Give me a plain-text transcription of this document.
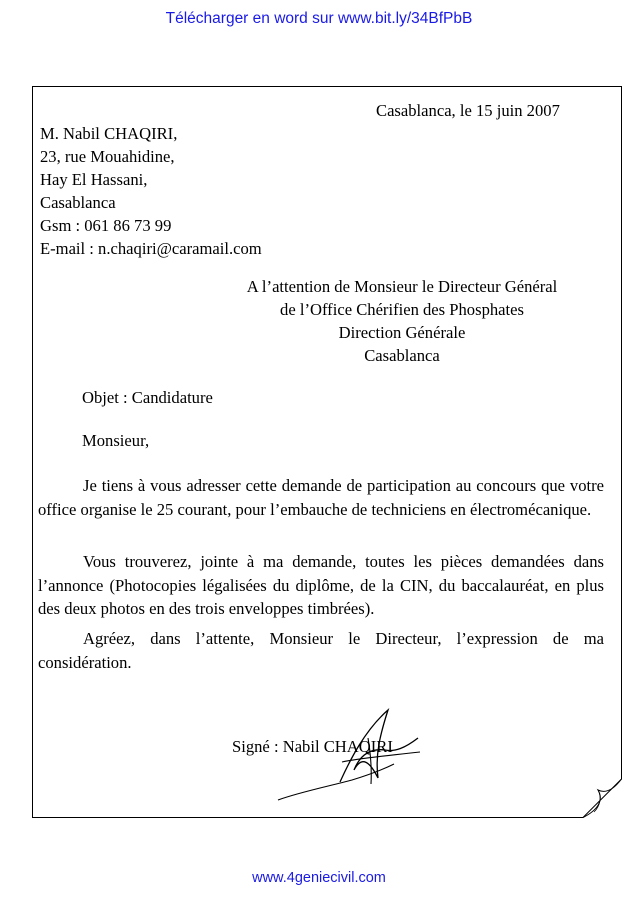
Télécharger en word sur www.bit.ly/34BfPbB
Casablanca, le 15 juin 2007
M. Nabil CHAQIRI,
23, rue Mouahidine,
Hay El Hassani,
Casablanca
Gsm : 061 86 73 99
E-mail : n.chaqiri@caramail.com
A l’attention de Monsieur le Directeur Général
de l’Office Chérifien des Phosphates
Direction Générale
Casablanca
Objet : Candidature
Monsieur,
Je tiens à vous adresser cette demande de participation au concours que votre office organise le 25 courant, pour l’embauche de techniciens en électromécanique.
Vous trouverez, jointe à ma demande, toutes les pièces demandées dans l’annonce (Photocopies légalisées du diplôme, de la CIN, du baccalauréat, en plus des deux photos en des trois enveloppes timbrées).
Agréez, dans l’attente, Monsieur le Directeur, l’expression de ma considération.
Signé : Nabil CHAQIRI
www.4geniecivil.com
